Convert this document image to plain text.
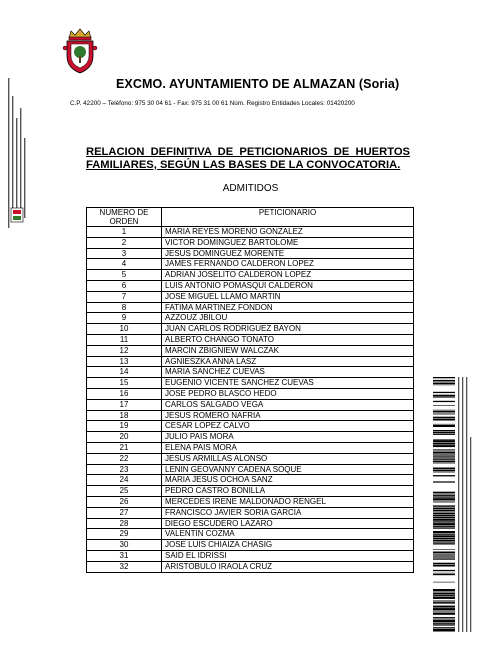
EXCMO. AYUNTAMIENTO DE ALMAZAN (Soria)
C.P. 42200 – Teléfono: 975 30 04 61 - Fax: 975 31 00 61 Núm. Registro Entidades Locales: 01420200
RELACION DEFINITIVA DE PETICIONARIOS DE HUERTOS FAMILIARES, SEGÚN LAS BASES DE LA CONVOCATORIA.
ADMITIDOS
NUMERO DE
ORDEN	PETICIONARIO
1	MARIA REYES MORENO GONZALEZ
2	VICTOR DOMINGUEZ BARTOLOME
3	JESUS DOMINGUEZ MORENTE
4	JAMES FERNANDO CALDERON LOPEZ
5	ADRIAN JOSELITO CALDERON LOPEZ
6	LUIS ANTONIO POMASQUI CALDERON
7	JOSE MIGUEL LLAMO MARTIN
8	FATIMA MARTINEZ FONDON
9	AZZOUZ JBILOU
10	JUAN CARLOS RODRIGUEZ BAYON
11	ALBERTO CHANGO TONATO
12	MARCIN ZBIGNIEW WALCZAK
13	AGNIESZKA ANNA LASZ
14	MARIA SANCHEZ CUEVAS
15	EUGENIO VICENTE SANCHEZ CUEVAS
16	JOSE PEDRO BLASCO HEDO
17	CARLOS SALGADO VEGA
18	JESUS ROMERO NAFRIA
19	CESAR LOPEZ CALVO
20	JULIO PAIS MORA
21	ELENA PAIS MORA
22	JESUS ARMILLAS ALONSO
23	LENIN GEOVANNY CADENA SOQUE
24	MARIA JESUS OCHOA SANZ
25	PEDRO CASTRO BONILLA
26	MERCEDES IRENE MALDONADO RENGEL
27	FRANCISCO JAVIER SORIA GARCIA
28	DIEGO ESCUDERO LAZARO
29	VALENTIN COZMA
30	JOSE LUIS CHIAIZA CHASIG
31	SAID EL IDRISSI
32	ARISTOBULO IRAOLA CRUZ
